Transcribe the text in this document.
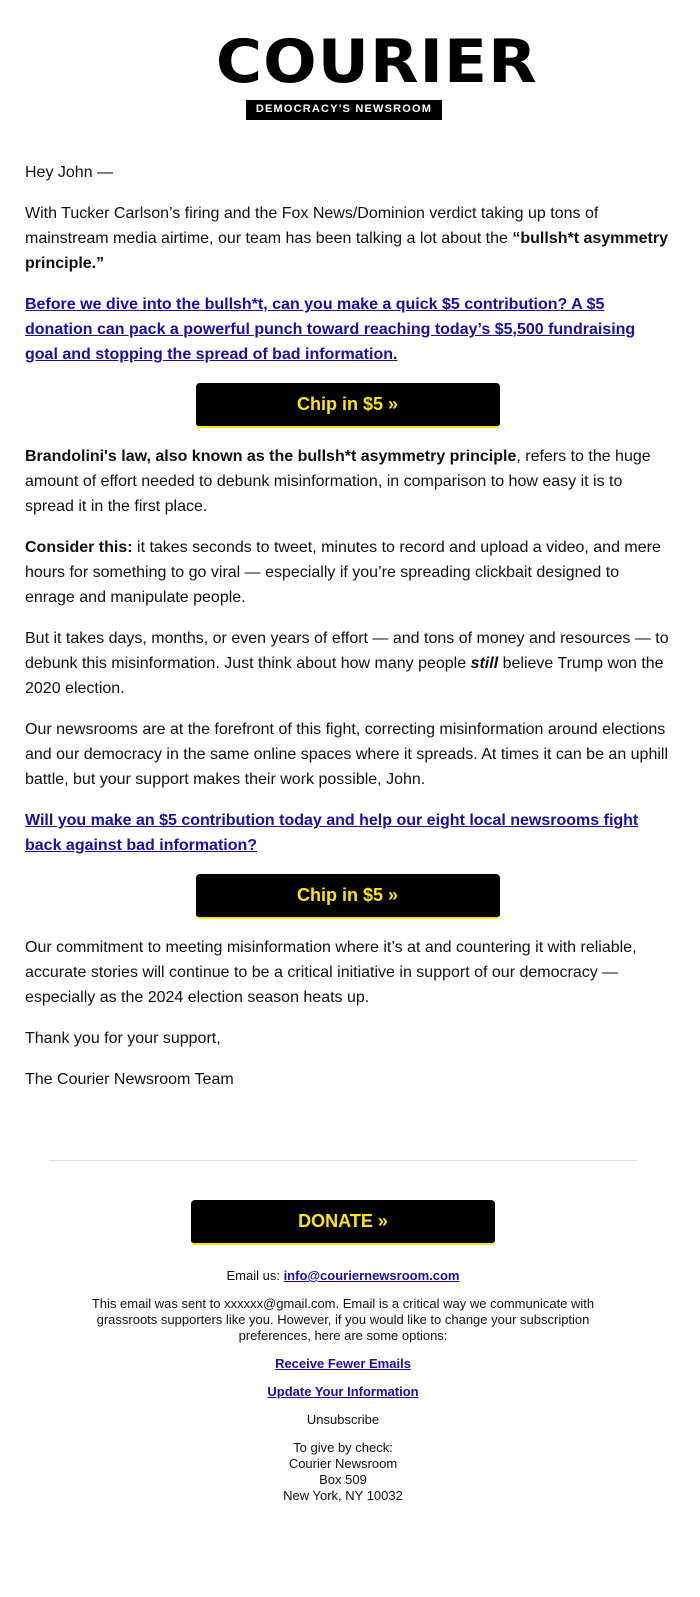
COURIER
DEMOCRACY'S NEWSROOM

Hey John —

With Tucker Carlson’s firing and the Fox News/Dominion verdict taking up tons of mainstream media airtime, our team has been talking a lot about the “bullsh*t asymmetry principle.”

Before we dive into the bullsh*t, can you make a quick $5 contribution? A $5 donation can pack a powerful punch toward reaching today’s $5,500 fundraising goal and stopping the spread of bad information.

Chip in $5 »

Brandolini's law, also known as the bullsh*t asymmetry principle, refers to the huge amount of effort needed to debunk misinformation, in comparison to how easy it is to spread it in the first place.

Consider this: it takes seconds to tweet, minutes to record and upload a video, and mere hours for something to go viral — especially if you’re spreading clickbait designed to enrage and manipulate people.

But it takes days, months, or even years of effort — and tons of money and resources — to debunk this misinformation. Just think about how many people still believe Trump won the 2020 election.

Our newsrooms are at the forefront of this fight, correcting misinformation around elections and our democracy in the same online spaces where it spreads. At times it can be an uphill battle, but your support makes their work possible, John.

Will you make an $5 contribution today and help our eight local newsrooms fight back against bad information?

Chip in $5 »

Our commitment to meeting misinformation where it’s at and countering it with reliable, accurate stories will continue to be a critical initiative in support of our democracy — especially as the 2024 election season heats up.

Thank you for your support,

The Courier Newsroom Team

DONATE »

Email us: info@couriernewsroom.com

This email was sent to xxxxxx@gmail.com. Email is a critical way we communicate with grassroots supporters like you. However, if you would like to change your subscription preferences, here are some options:

Receive Fewer Emails

Update Your Information

Unsubscribe

To give by check:
Courier Newsroom
Box 509
New York, NY 10032
